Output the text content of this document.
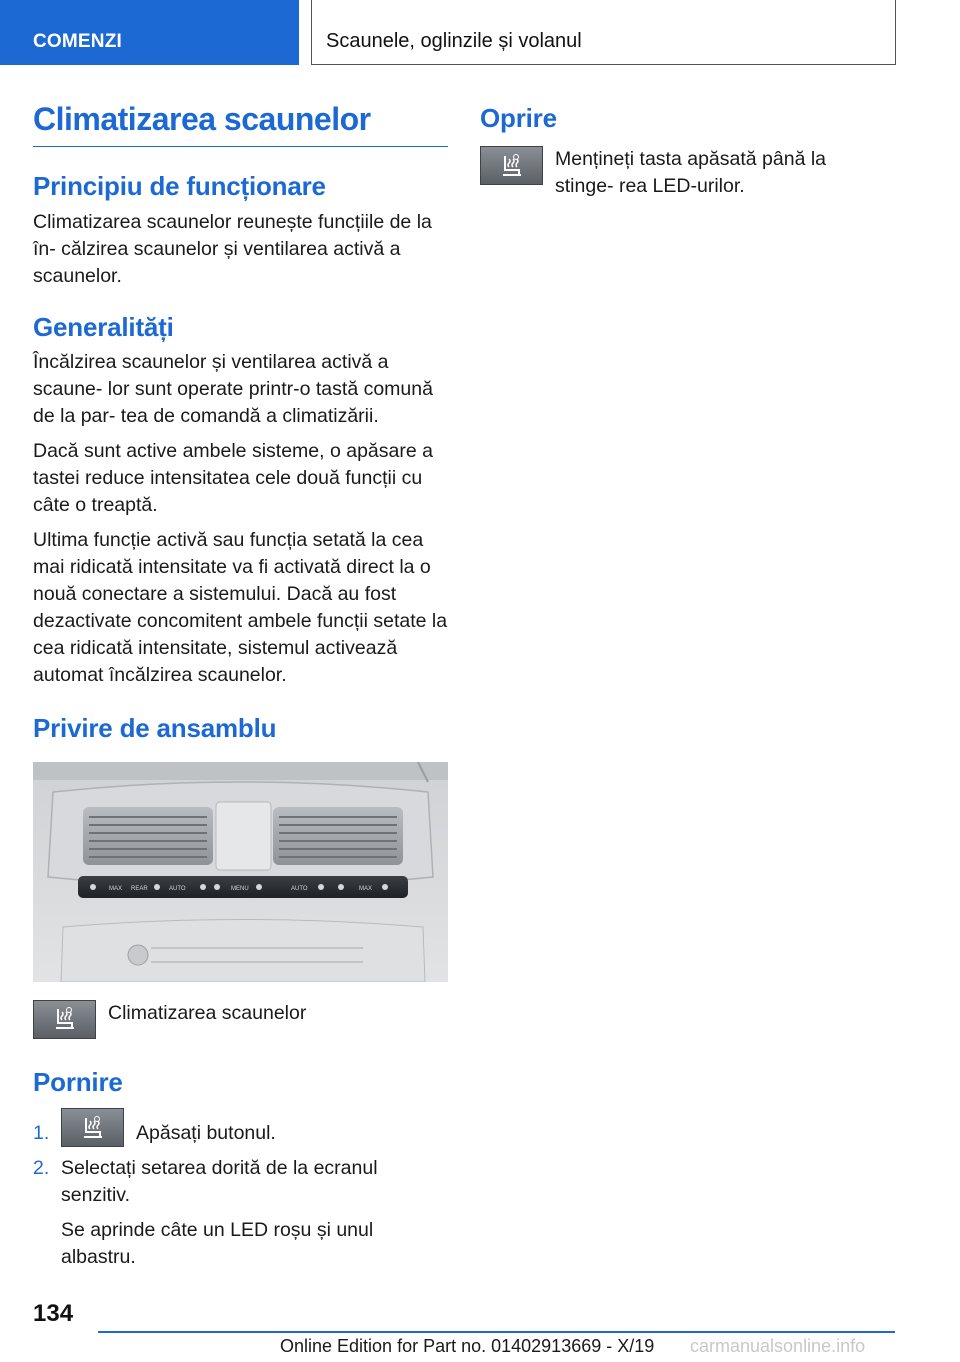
COMENZI	Scaunele, oglinzile și volanul
Climatizarea scaunelor
Principiu de funcționare
Climatizarea scaunelor reunește funcțiile de la în‐ călzirea scaunelor și ventilarea activă a scaunelor.
Generalități
Încălzirea scaunelor și ventilarea activă a scaune‐ lor sunt operate printr‑o tastă comună de la par‐ tea de comandă a climatizării.
Dacă sunt active ambele sisteme, o apăsare a tastei reduce intensitatea cele două funcții cu câte o treaptă.
Ultima funcție activă sau funcția setată la cea mai ridicată intensitate va fi activată direct la o nouă conectare a sistemului. Dacă au fost dezactivate concomitent ambele funcții setate la cea ridicată intensitate, sistemul activează automat încălzirea scaunelor.
Privire de ansamblu
MAX REAR	AUTO	MENU	AUTO	MAX
Climatizarea scaunelor
Pornire
1.	Apăsați butonul.
2. Selectați setarea dorită de la ecranul senzitiv.
Se aprinde câte un LED roșu și unul albastru.
Oprire
Mențineți tasta apăsată până la stinge‐ rea LED‑urilor.
134
Online Edition for Part no. 01402913669 - X/19 carmanualsonline.info
